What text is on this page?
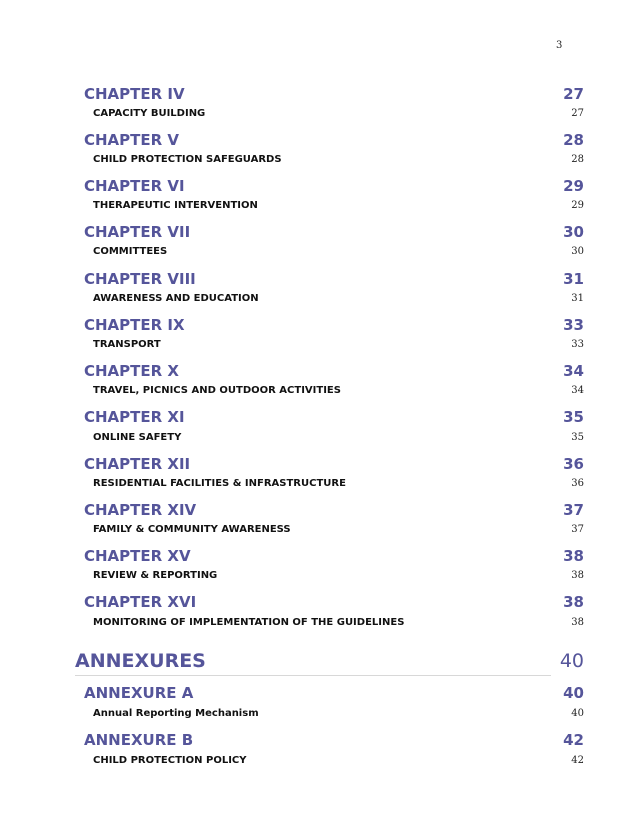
3
CHAPTER IV	27
CAPACITY BUILDING	27
CHAPTER V	28
CHILD PROTECTION SAFEGUARDS	28
CHAPTER VI	29
THERAPEUTIC INTERVENTION	29
CHAPTER VII	30
COMMITTEES	30
CHAPTER VIII	31
AWARENESS AND EDUCATION	31
CHAPTER IX	33
TRANSPORT	33
CHAPTER X	34
TRAVEL, PICNICS AND OUTDOOR ACTIVITIES	34
CHAPTER XI	35
ONLINE SAFETY	35
CHAPTER XII	36
RESIDENTIAL FACILITIES & INFRASTRUCTURE	36
CHAPTER XIV	37
FAMILY & COMMUNITY AWARENESS	37
CHAPTER XV	38
REVIEW & REPORTING	38
CHAPTER XVI	38
MONITORING OF IMPLEMENTATION OF THE GUIDELINES	38
ANNEXURES	40
ANNEXURE A	40
Annual Reporting Mechanism	40
ANNEXURE B	42
CHILD PROTECTION POLICY	42
